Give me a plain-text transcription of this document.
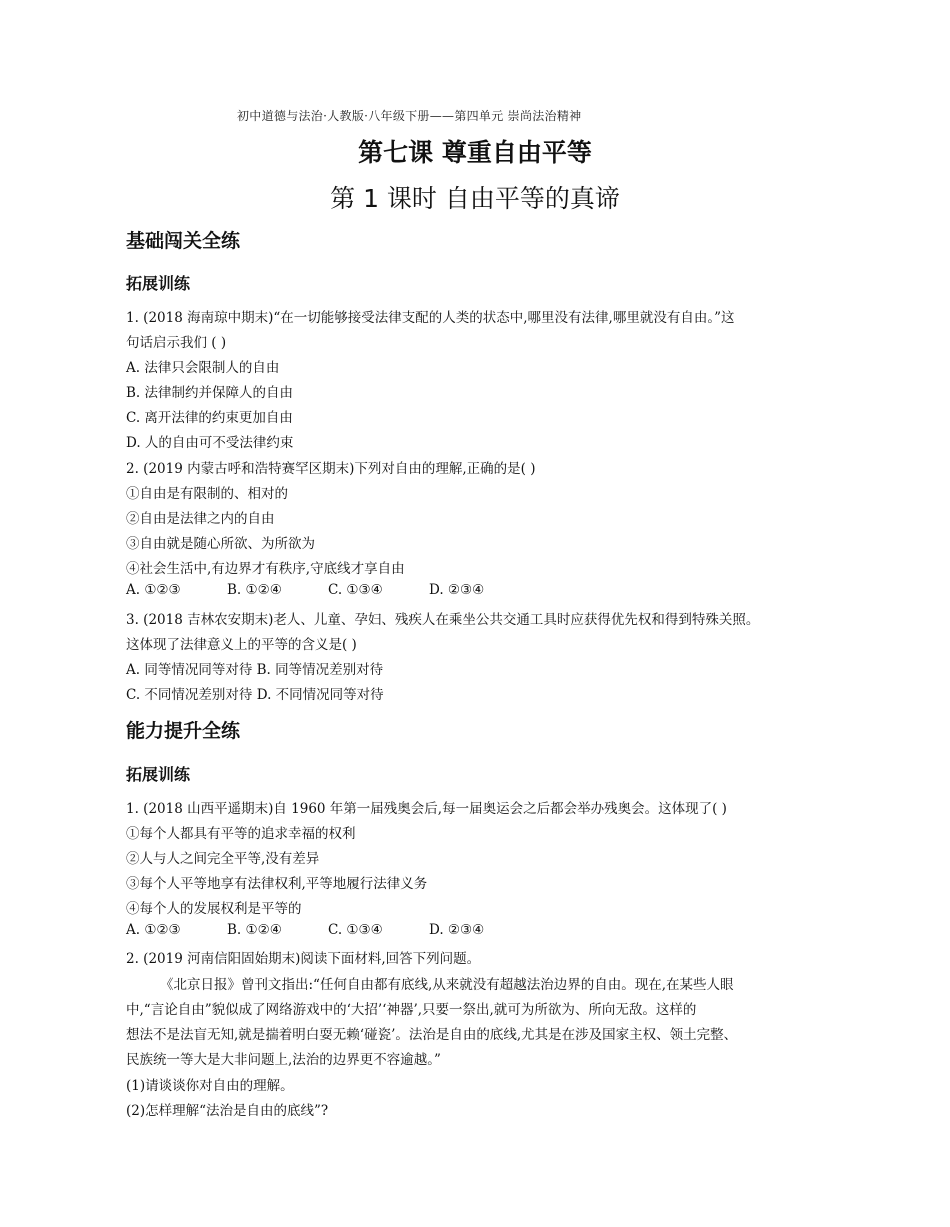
初中道德与法治·人教版·八年级下册——第四单元 崇尚法治精神
第七课 尊重自由平等
第 1 课时 自由平等的真谛
基础闯关全练
拓展训练
1. (2018 海南琼中期末)“在一切能够接受法律支配的人类的状态中,哪里没有法律,哪里就没有自由。”这
句话启示我们 ( )
A. 法律只会限制人的自由
B. 法律制约并保障人的自由
C. 离开法律的约束更加自由
D. 人的自由可不受法律约束
2. (2019 内蒙古呼和浩特赛罕区期末)下列对自由的理解,正确的是( )
①自由是有限制的、相对的
②自由是法律之内的自由
③自由就是随心所欲、为所欲为
④社会生活中,有边界才有秩序,守底线才享自由
A. ①②③	B. ①②④	C. ①③④	D. ②③④
3. (2018 吉林农安期末)老人、儿童、孕妇、残疾人在乘坐公共交通工具时应获得优先权和得到特殊关照。
这体现了法律意义上的平等的含义是( )
A. 同等情况同等对待 B. 同等情况差别对待
C. 不同情况差别对待 D. 不同情况同等对待
能力提升全练
拓展训练
1. (2018 山西平遥期末)自 1960 年第一届残奥会后,每一届奥运会之后都会举办残奥会。这体现了( )
①每个人都具有平等的追求幸福的权利
②人与人之间完全平等,没有差异
③每个人平等地享有法律权利,平等地履行法律义务
④每个人的发展权利是平等的
A. ①②③	B. ①②④	C. ①③④	D. ②③④
2. (2019 河南信阳固始期末)阅读下面材料,回答下列问题。
《北京日报》曾刊文指出:“任何自由都有底线,从来就没有超越法治边界的自由。现在,在某些人眼
中,“言论自由”貌似成了网络游戏中的‘大招’‘神器’,只要一祭出,就可为所欲为、所向无敌。这样的
想法不是法盲无知,就是揣着明白耍无赖‘碰瓷’。法治是自由的底线,尤其是在涉及国家主权、领土完整、
民族统一等大是大非问题上,法治的边界更不容逾越。”
(1)请谈谈你对自由的理解。
(2)怎样理解“法治是自由的底线”?
